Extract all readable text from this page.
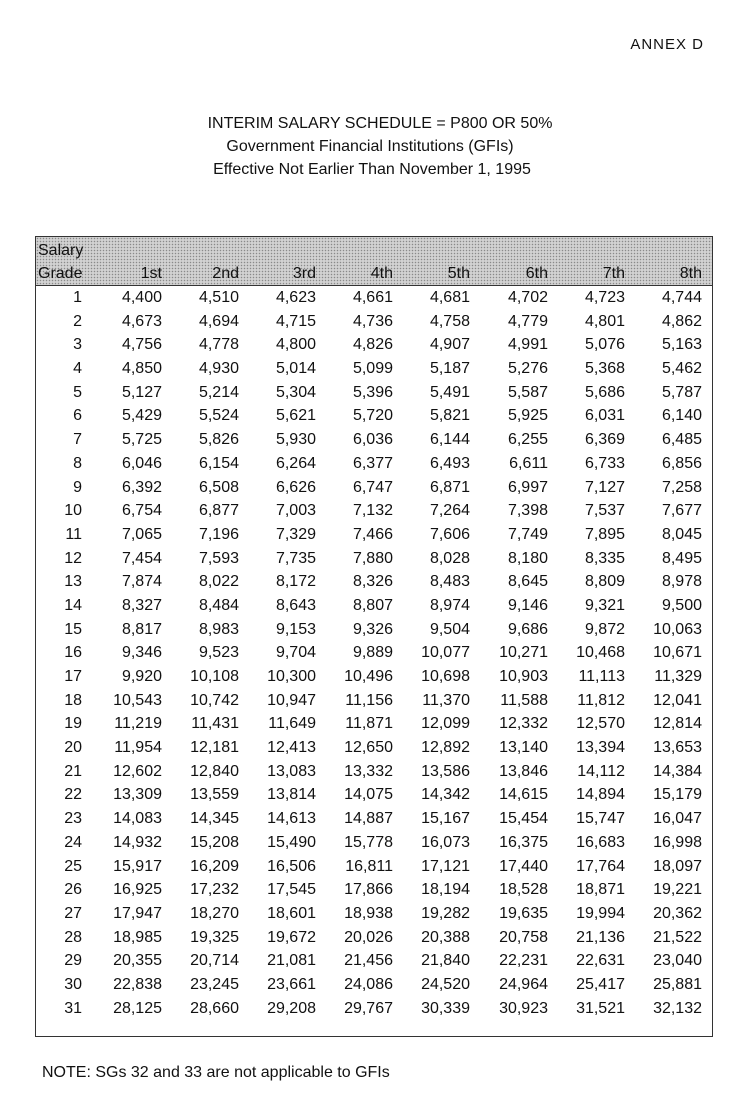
ANNEX D
INTERIM SALARY SCHEDULE = P800 OR 50%
Government Financial Institutions (GFIs)
Effective Not Earlier Than November 1, 1995
Salary
Grade	1st	2nd	3rd	4th	5th	6th	7th	8th
1	4,400	4,510	4,623	4,661	4,681	4,702	4,723	4,744
2	4,673	4,694	4,715	4,736	4,758	4,779	4,801	4,862
3	4,756	4,778	4,800	4,826	4,907	4,991	5,076	5,163
4	4,850	4,930	5,014	5,099	5,187	5,276	5,368	5,462
5	5,127	5,214	5,304	5,396	5,491	5,587	5,686	5,787
6	5,429	5,524	5,621	5,720	5,821	5,925	6,031	6,140
7	5,725	5,826	5,930	6,036	6,144	6,255	6,369	6,485
8	6,046	6,154	6,264	6,377	6,493	6,611	6,733	6,856
9	6,392	6,508	6,626	6,747	6,871	6,997	7,127	7,258
10	6,754	6,877	7,003	7,132	7,264	7,398	7,537	7,677
11	7,065	7,196	7,329	7,466	7,606	7,749	7,895	8,045
12	7,454	7,593	7,735	7,880	8,028	8,180	8,335	8,495
13	7,874	8,022	8,172	8,326	8,483	8,645	8,809	8,978
14	8,327	8,484	8,643	8,807	8,974	9,146	9,321	9,500
15	8,817	8,983	9,153	9,326	9,504	9,686	9,872	10,063
16	9,346	9,523	9,704	9,889	10,077	10,271	10,468	10,671
17	9,920	10,108	10,300	10,496	10,698	10,903	11,113	11,329
18	10,543	10,742	10,947	11,156	11,370	11,588	11,812	12,041
19	11,219	11,431	11,649	11,871	12,099	12,332	12,570	12,814
20	11,954	12,181	12,413	12,650	12,892	13,140	13,394	13,653
21	12,602	12,840	13,083	13,332	13,586	13,846	14,112	14,384
22	13,309	13,559	13,814	14,075	14,342	14,615	14,894	15,179
23	14,083	14,345	14,613	14,887	15,167	15,454	15,747	16,047
24	14,932	15,208	15,490	15,778	16,073	16,375	16,683	16,998
25	15,917	16,209	16,506	16,811	17,121	17,440	17,764	18,097
26	16,925	17,232	17,545	17,866	18,194	18,528	18,871	19,221
27	17,947	18,270	18,601	18,938	19,282	19,635	19,994	20,362
28	18,985	19,325	19,672	20,026	20,388	20,758	21,136	21,522
29	20,355	20,714	21,081	21,456	21,840	22,231	22,631	23,040
30	22,838	23,245	23,661	24,086	24,520	24,964	25,417	25,881
31	28,125	28,660	29,208	29,767	30,339	30,923	31,521	32,132
NOTE: SGs 32 and 33 are not applicable to GFIs
